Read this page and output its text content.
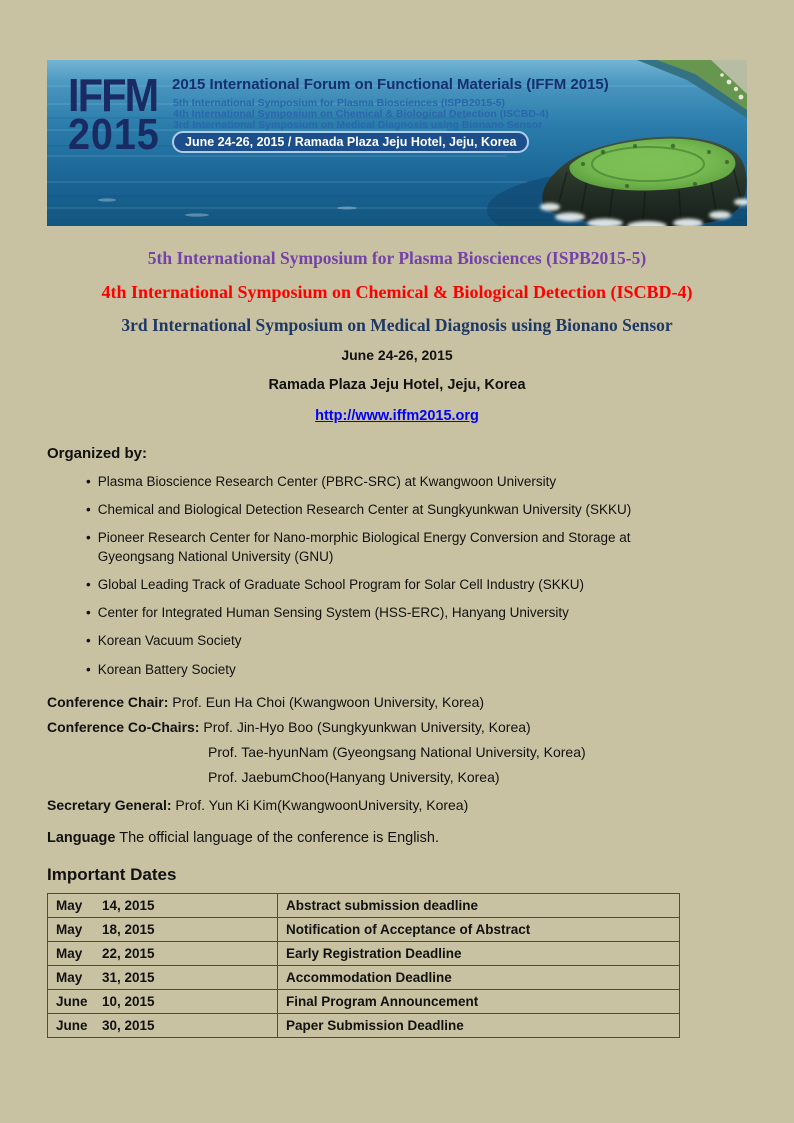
IFFM
2015
2015 International Forum on Functional Materials (IFFM 2015)
5th International Symposium for Plasma Biosciences (ISPB2015-5)
4th International Symposium on Chemical & Biological Detection (ISCBD-4)
3rd International Symposium on Medical Diagnosis using Bionano Sensor
June 24-26, 2015 / Ramada Plaza Jeju Hotel, Jeju, Korea
5th International Symposium for Plasma Biosciences (ISPB2015-5)
4th International Symposium on Chemical & Biological Detection (ISCBD-4)
3rd International Symposium on Medical Diagnosis using Bionano Sensor
June 24-26, 2015
Ramada Plaza Jeju Hotel, Jeju, Korea
http://www.iffm2015.org
Organized by:
• Plasma Bioscience Research Center (PBRC-SRC) at Kwangwoon University
• Chemical and Biological Detection Research Center at Sungkyunkwan University (SKKU)
• Pioneer Research Center for Nano-morphic Biological Energy Conversion and Storage at Gyeongsang National University (GNU)
• Global Leading Track of Graduate School Program for Solar Cell Industry (SKKU)
• Center for Integrated Human Sensing System (HSS-ERC), Hanyang University
• Korean Vacuum Society
• Korean Battery Society
Conference Chair: Prof. Eun Ha Choi (Kwangwoon University, Korea)
Conference Co-Chairs: Prof. Jin-Hyo Boo (Sungkyunkwan University, Korea)
Prof. Tae-hyunNam (Gyeongsang National University, Korea)
Prof. JaebumChoo(Hanyang University, Korea)
Secretary General: Prof. Yun Ki Kim(KwangwoonUniversity, Korea)
Language The official language of the conference is English.
Important Dates
May 14, 2015	Abstract submission deadline
May 18, 2015	Notification of Acceptance of Abstract
May 22, 2015	Early Registration Deadline
May 31, 2015	Accommodation Deadline
June 10, 2015	Final Program Announcement
June 30, 2015	Paper Submission Deadline
